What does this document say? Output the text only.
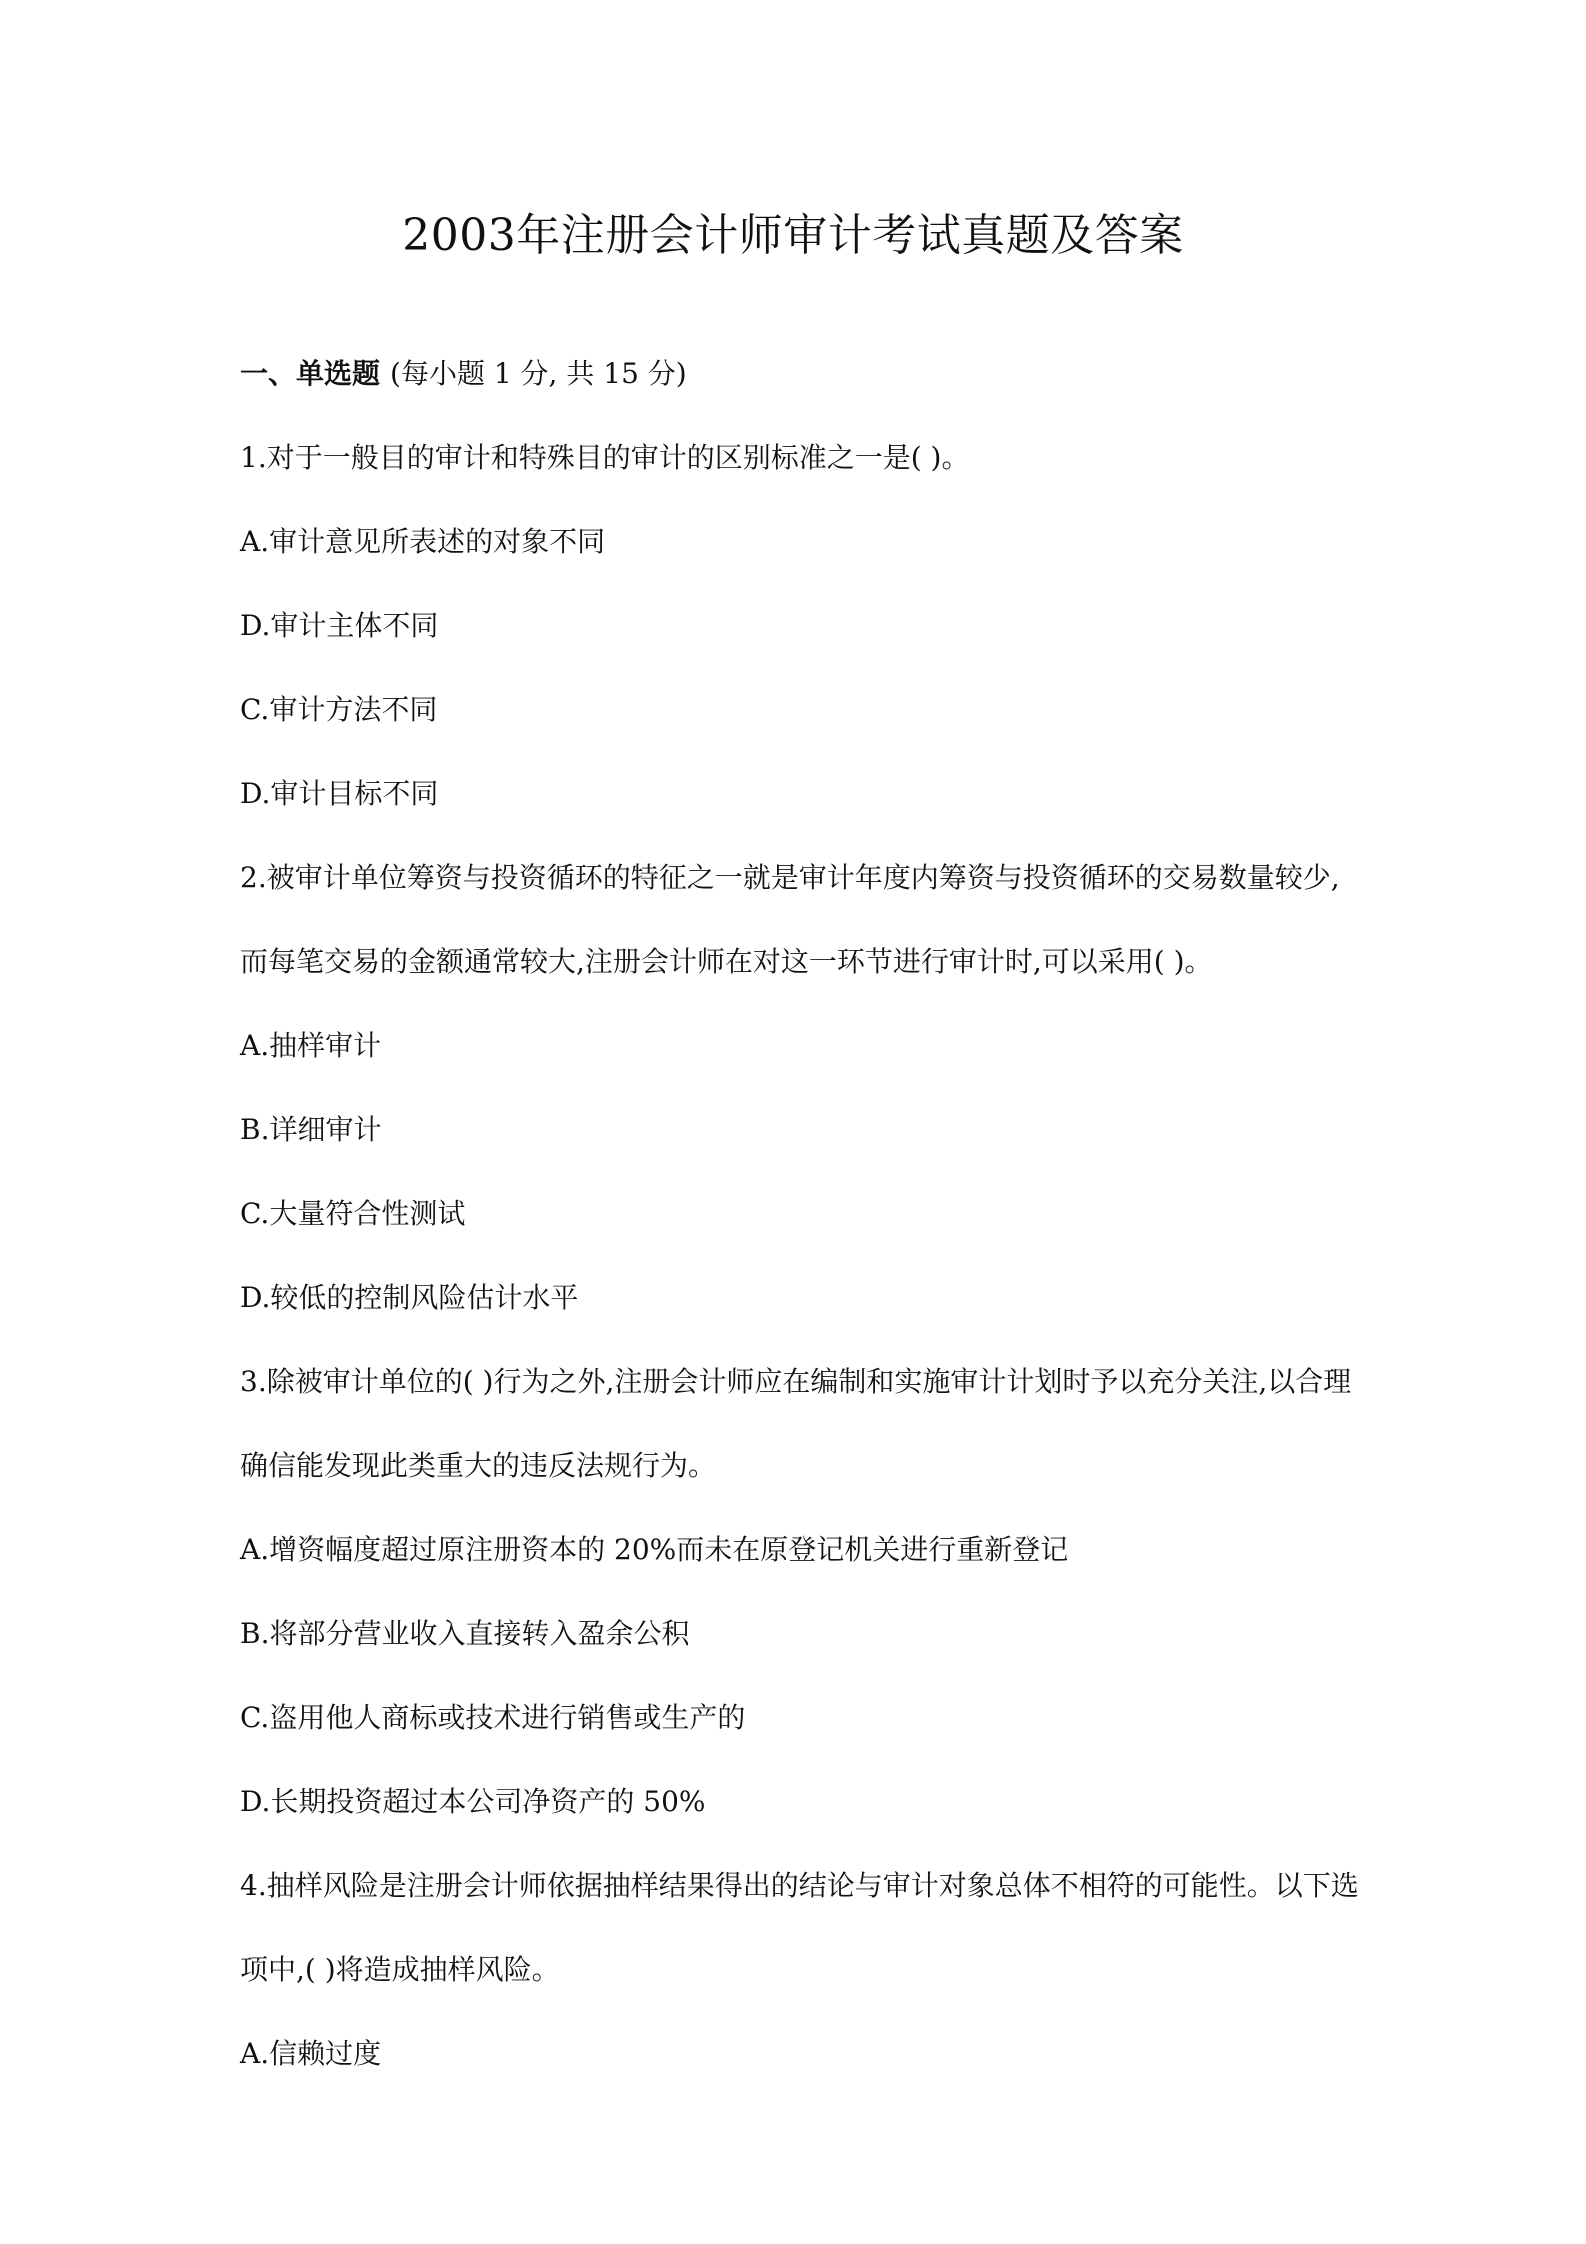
2003年注册会计师审计考试真题及答案

一、单选题 (每小题 1 分, 共 15 分)

1.对于一般目的审计和特殊目的审计的区别标准之一是( )。

A.审计意见所表述的对象不同

D.审计主体不同

C.审计方法不同

D.审计目标不同

2.被审计单位筹资与投资循环的特征之一就是审计年度内筹资与投资循环的交易数量较少,

而每笔交易的金额通常较大,注册会计师在对这一环节进行审计时,可以采用( )。

A.抽样审计

B.详细审计

C.大量符合性测试

D.较低的控制风险估计水平

3.除被审计单位的( )行为之外,注册会计师应在编制和实施审计计划时予以充分关注,以合理

确信能发现此类重大的违反法规行为。

A.增资幅度超过原注册资本的 20%而未在原登记机关进行重新登记

B.将部分营业收入直接转入盈余公积

C.盗用他人商标或技术进行销售或生产的

D.长期投资超过本公司净资产的 50%

4.抽样风险是注册会计师依据抽样结果得出的结论与审计对象总体不相符的可能性。以下选

项中,( )将造成抽样风险。

A.信赖过度
